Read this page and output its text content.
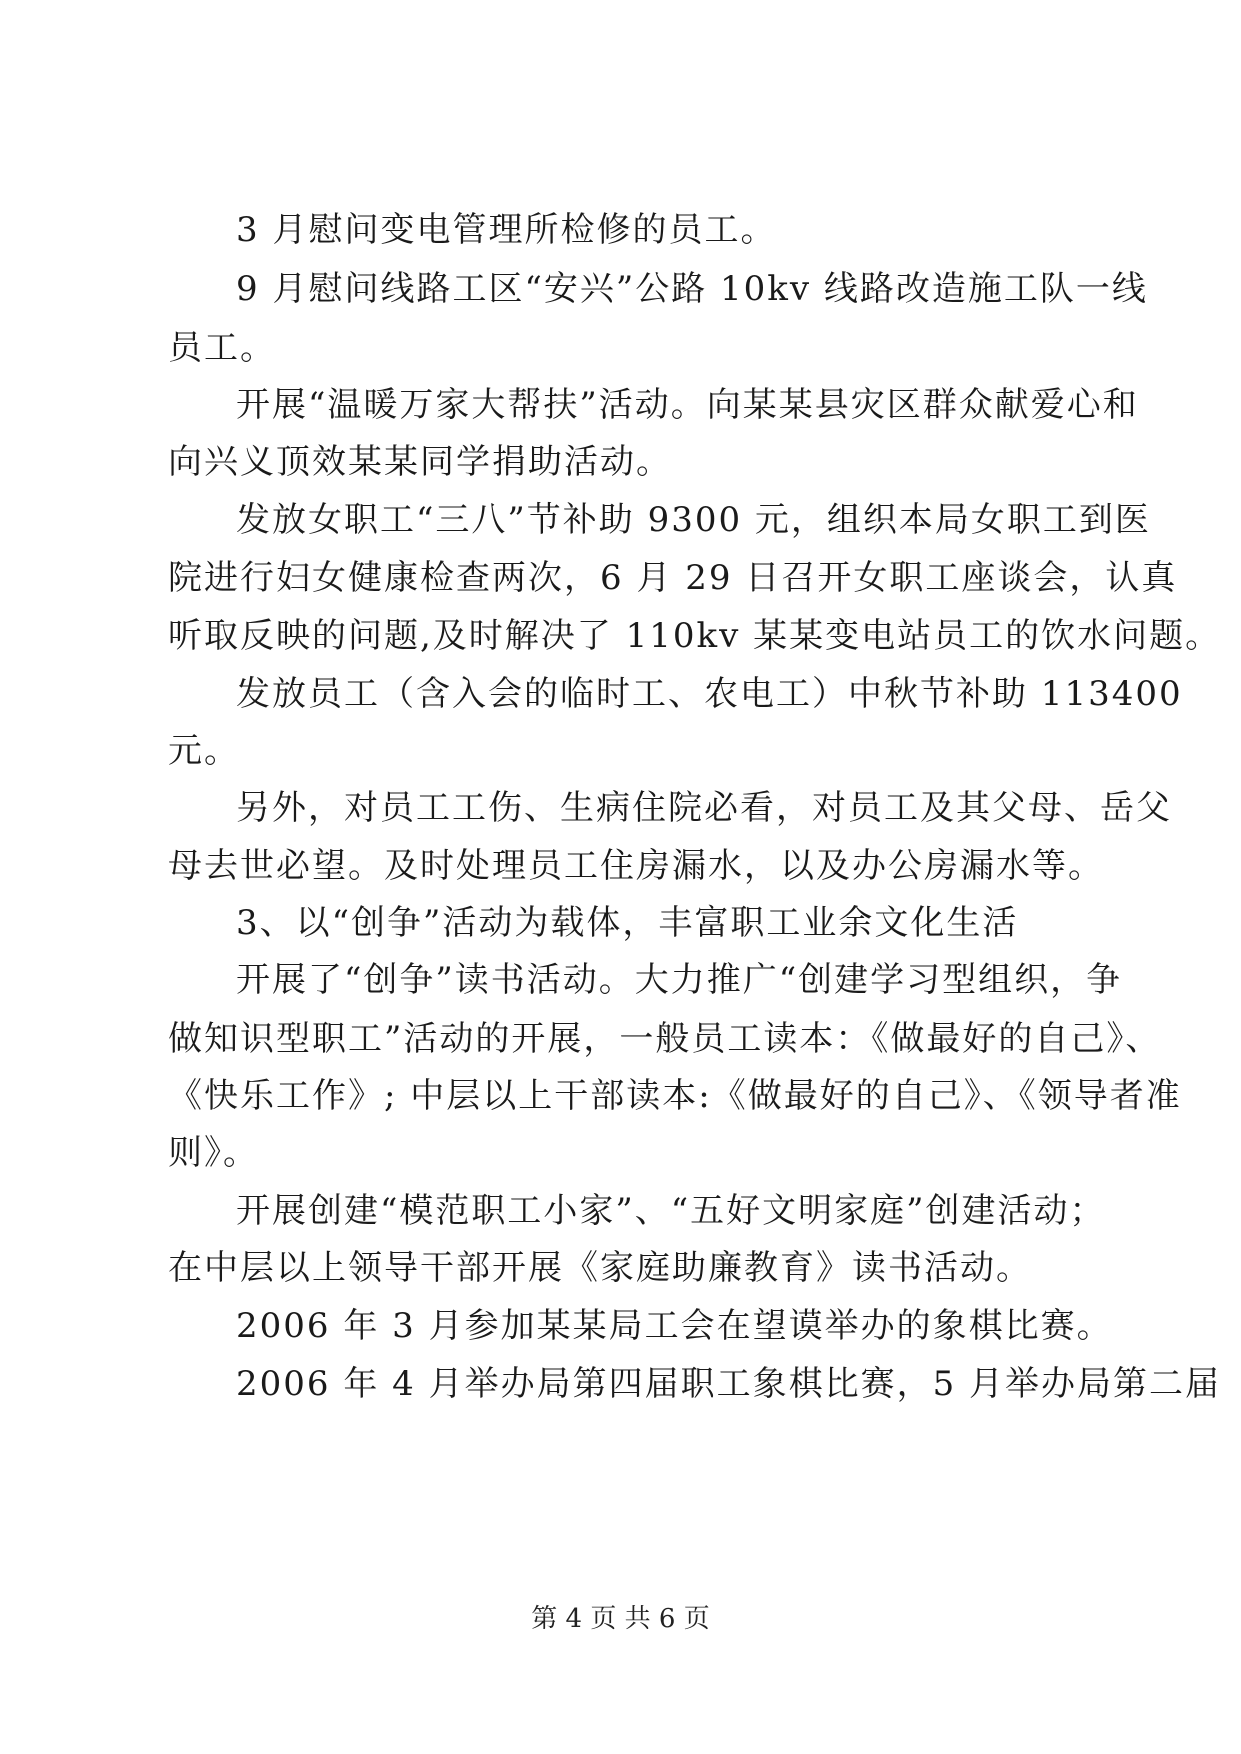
3 月慰问变电管理所检修的员工。
9 月慰问线路工区“安兴”公路 10kv 线路改造施工队一线
员工。
开展“温暖万家大帮扶”活动。向某某县灾区群众献爱心和
向兴义顶效某某同学捐助活动。
发放女职工“三八”节补助 9300 元，组织本局女职工到医
院进行妇女健康检查两次，6 月 29 日召开女职工座谈会，认真
听取反映的问题,及时解决了 110kv 某某变电站员工的饮水问题。
发放员工（含入会的临时工、农电工）中秋节补助 113400
元。
另外，对员工工伤、生病住院必看，对员工及其父母、岳父
母去世必望。及时处理员工住房漏水，以及办公房漏水等。
3、以“创争”活动为载体，丰富职工业余文化生活
开展了“创争”读书活动。大力推广“创建学习型组织，争
做知识型职工”活动的开展，一般员工读本：《做最好的自己》、
《快乐工作》; 中层以上干部读本:《做最好的自己》、《领导者准
则》。
开展创建“模范职工小家”、“五好文明家庭”创建活动；
在中层以上领导干部开展《家庭助廉教育》读书活动。
2006 年 3 月参加某某局工会在望谟举办的象棋比赛。
2006 年 4 月举办局第四届职工象棋比赛，5 月举办局第二届
第 4 页 共 6 页
